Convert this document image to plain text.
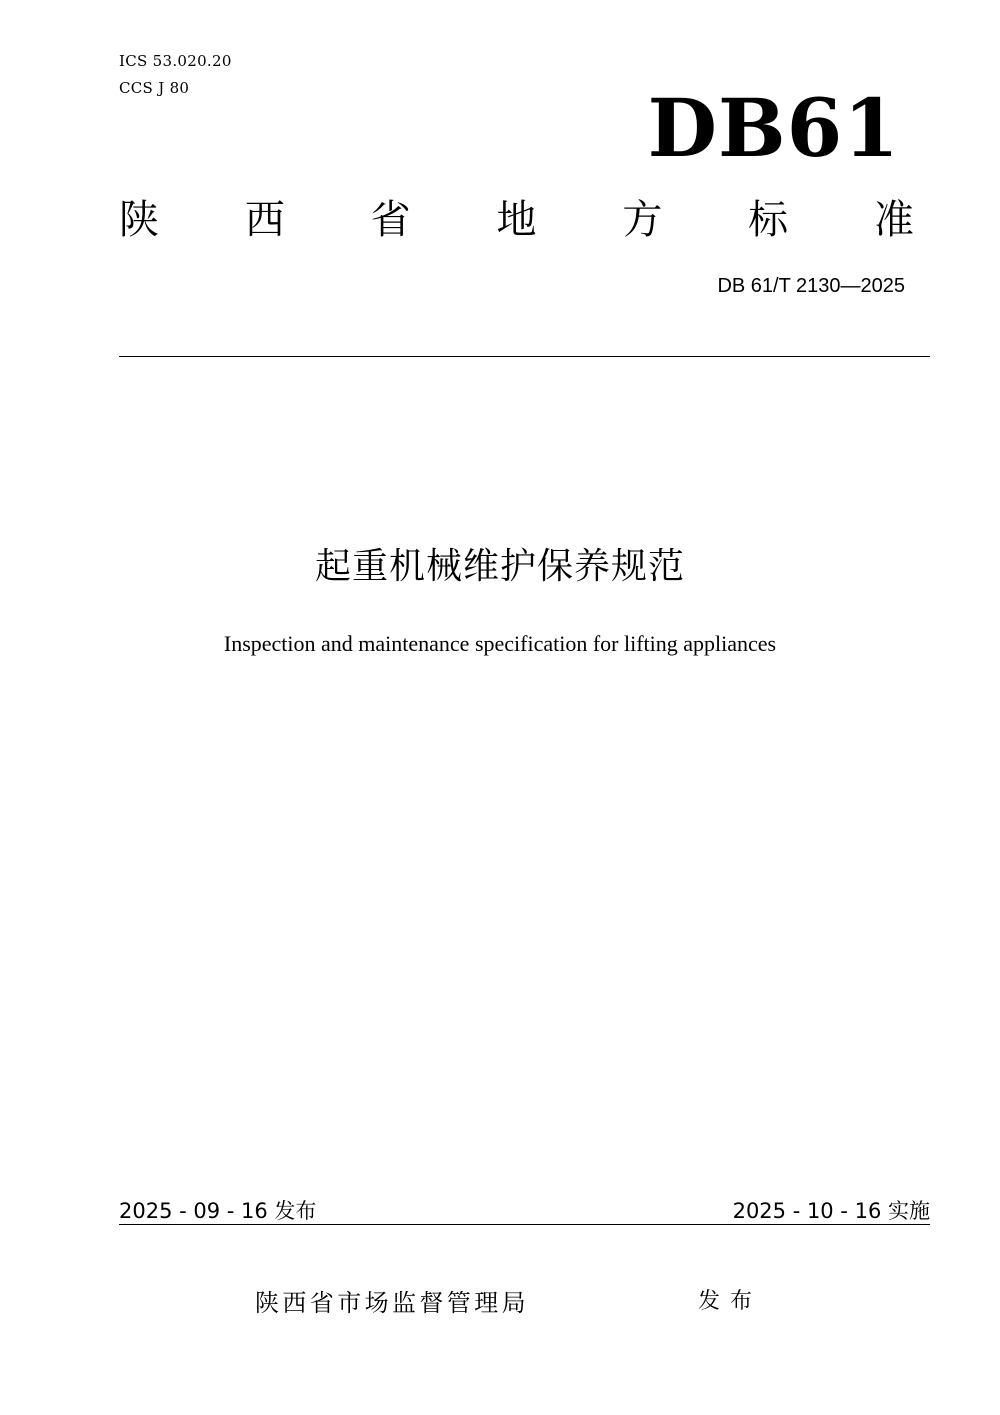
ICS 53.020.20
CCS J 80	DB61
陕 西 省 地 方 标 准
DB 61/T 2130—2025
起重机械维护保养规范
Inspection and maintenance specification for lifting appliances
2025 - 09 - 16 发布	2025 - 10 - 16 实施
陕西省市场监督管理局	发布
